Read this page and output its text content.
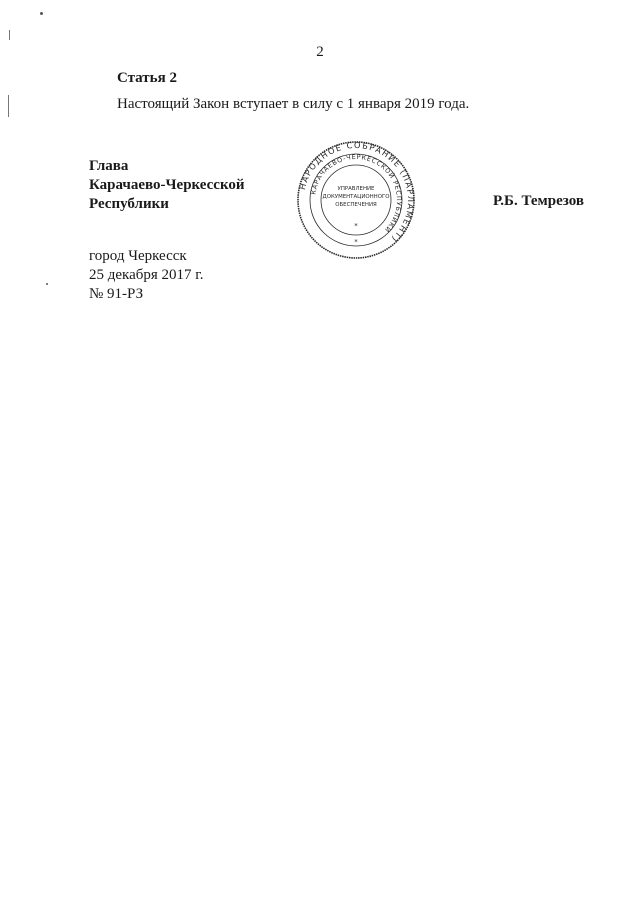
2
Статья 2
Настоящий Закон вступает в силу с 1 января 2019 года.
Глава
Карачаево-Черкесской
Республики	Р.Б. Темрезов
НАРОДНОЕ СОБРАНИЕ (ПАРЛАМЕНТ)
КАРАЧАЕВО-ЧЕРКЕССКОЙ РЕСПУБЛИКИ
УПРАВЛЕНИЕ
ДОКУМЕНТАЦИОННОГО
ОБЕСПЕЧЕНИЯ
*
*
город Черкесск
25 декабря 2017 г.
№ 91-РЗ
